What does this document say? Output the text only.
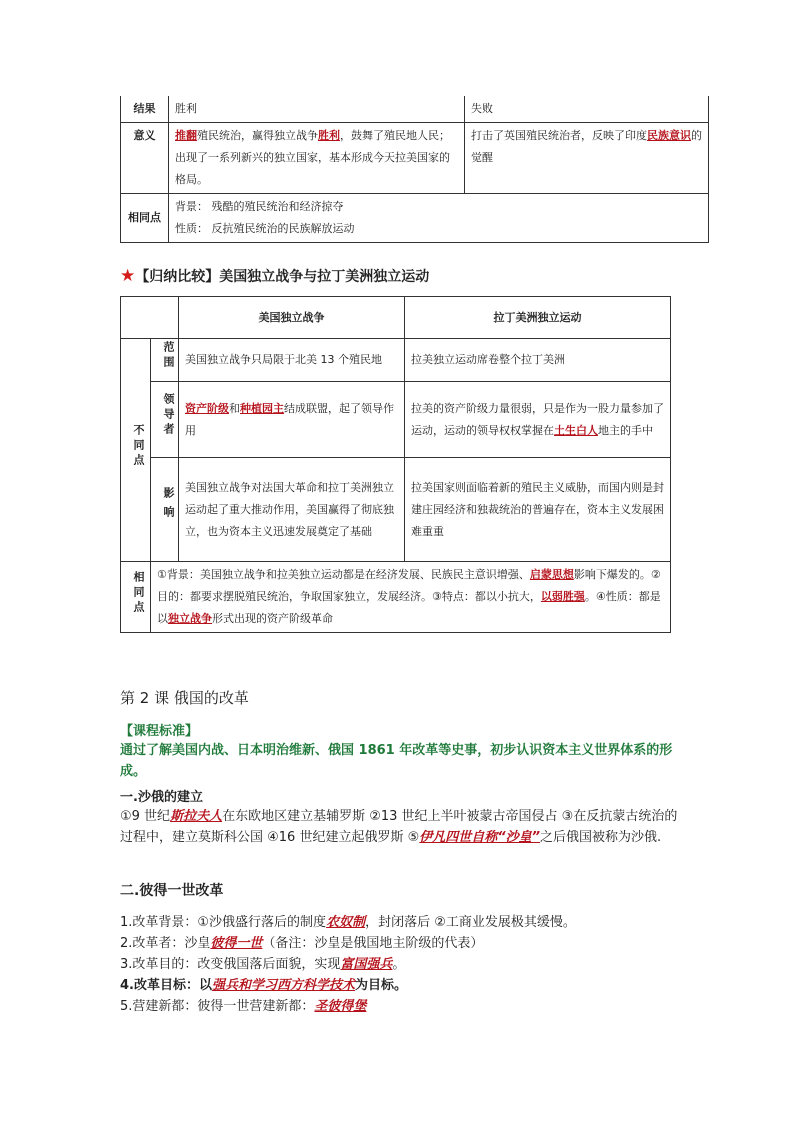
结果	胜利	失败
意义	推翻殖民统治，赢得独立战争胜利，鼓舞了殖民地人民；出现了一系列新兴的独立国家，基本形成今天拉美国家的格局。	打击了英国殖民统治者，反映了印度民族意识的觉醒
相同点	背景： 残酷的殖民统治和经济掠夺
性质： 反抗殖民统治的民族解放运动	
★【归纳比较】美国独立战争与拉丁美洲独立运动
		美国独立战争	拉丁美洲独立运动
不同点	范围	美国独立战争只局限于北美 13 个殖民地	拉美独立运动席卷整个拉丁美洲
	领导者	资产阶级和种植园主结成联盟，起了领导作用	拉美的资产阶级力量很弱，只是作为一股力量参加了运动，运动的领导权权掌握在土生白人地主的手中
	影响	美国独立战争对法国大革命和拉丁美洲独立运动起了重大推动作用，美国赢得了彻底独立，也为资本主义迅速发展奠定了基础	拉美国家则面临着新的殖民主义威胁，而国内则是封建庄园经济和独裁统治的普遍存在，资本主义发展困难重重
相同点	①背景：美国独立战争和拉美独立运动都是在经济发展、民族民主意识增强、启蒙思想影响下爆发的。②目的：都要求摆脱殖民统治，争取国家独立，发展经济。③特点：都以小抗大，以弱胜强。④性质：都是以独立战争形式出现的资产阶级革命		
第 2 课 俄国的改革
【课程标准】
通过了解美国内战、日本明治维新、俄国 1861 年改革等史事，初步认识资本主义世界体系的形成。
一.沙俄的建立
①9 世纪斯拉夫人在东欧地区建立基辅罗斯 ②13 世纪上半叶被蒙古帝国侵占 ③在反抗蒙古统治的过程中，建立莫斯科公国 ④16 世纪建立起俄罗斯 ⑤伊凡四世自称“沙皇”之后俄国被称为沙俄.
二.彼得一世改革
1.改革背景：①沙俄盛行落后的制度农奴制，封闭落后 ②工商业发展极其缓慢。
2.改革者：沙皇彼得一世（备注：沙皇是俄国地主阶级的代表）
3.改革目的：改变俄国落后面貌，实现富国强兵。
4.改革目标：以强兵和学习西方科学技术为目标。
5.营建新都：彼得一世营建新都：圣彼得堡
